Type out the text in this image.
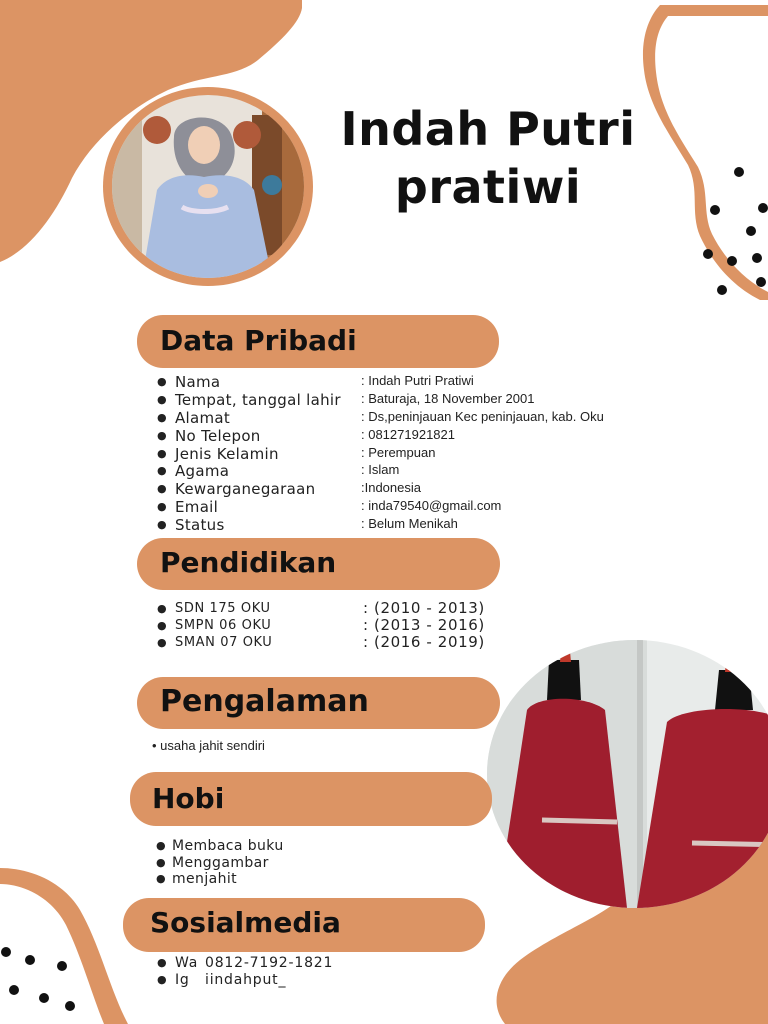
Indah Putri
pratiwi
Data Pribadi
● Nama	: Indah Putri Pratiwi
● Tempat, tanggal lahir : Baturaja, 18 November 2001
● Alamat	: Ds,peninjauan Kec peninjauan, kab. Oku
● No Telepon	: 081271921821
● Jenis Kelamin	: Perempuan
● Agama	: Islam
● Kewarganegaraan	:Indonesia
● Email	: inda79540@gmail.com
● Status	: Belum Menikah
Pendidikan
● SDN 175 OKU	: (2010 - 2013)
● SMPN 06 OKU	: (2013 - 2016)
● SMAN 07 OKU	: (2016 - 2019)
Pengalaman
• usaha jahit sendiri
Hobi
● Membaca buku
● Menggambar
● menjahit
Sosialmedia
● Wa 0812-7192-1821
● Ig iindahput_
